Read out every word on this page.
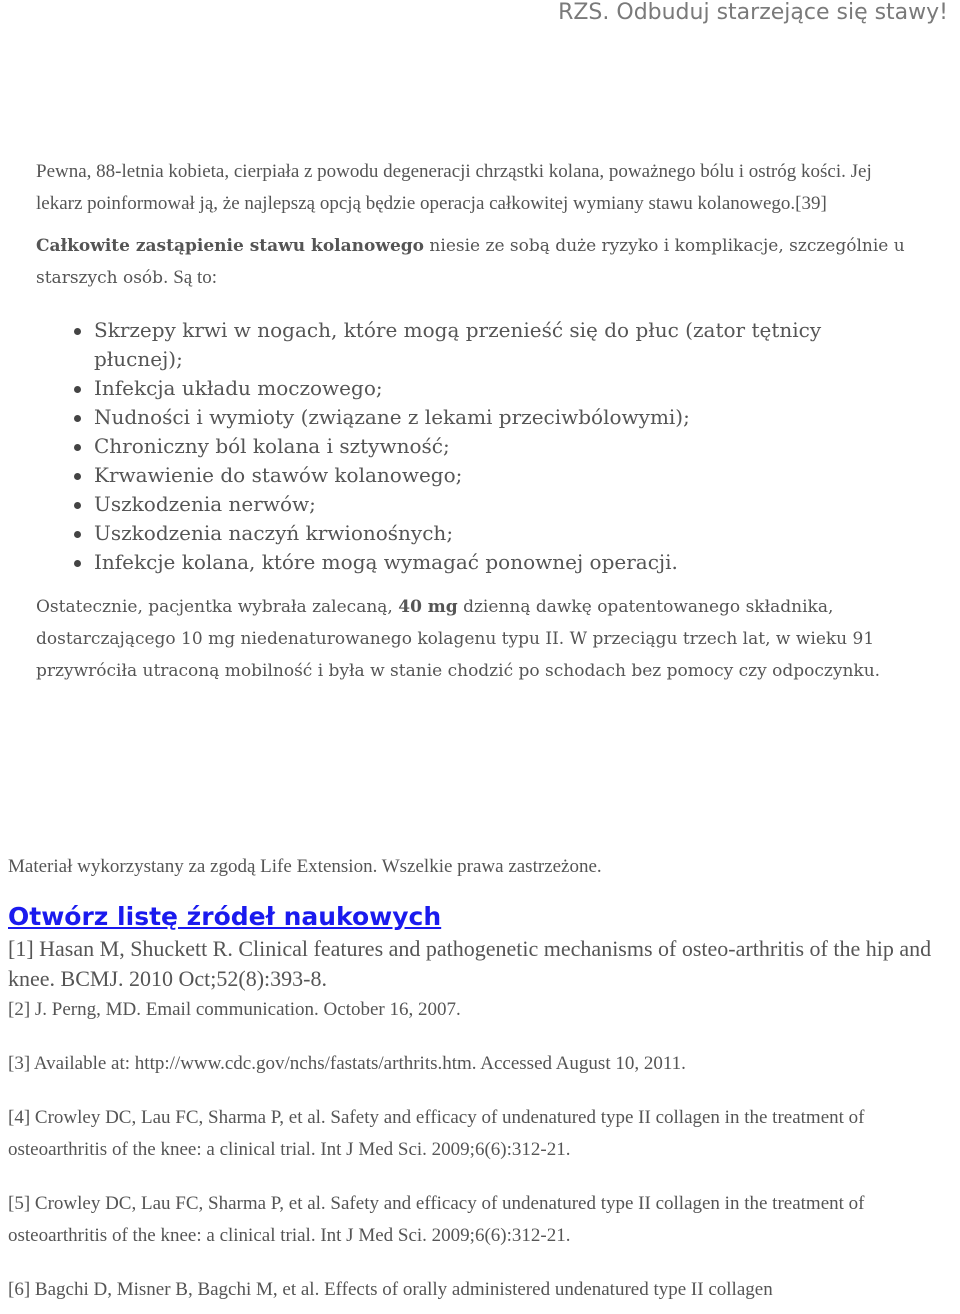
RZS. Odbuduj starzejące się stawy!

Pewna, 88-letnia kobieta, cierpiała z powodu degeneracji chrząstki kolana, poważnego bólu i ostróg kości. Jej lekarz poinformował ją, że najlepszą opcją będzie operacja całkowitej wymiany stawu kolanowego.[39]

Całkowite zastąpienie stawu kolanowego niesie ze sobą duże ryzyko i komplikacje, szczególnie u starszych osób. Są to:

Skrzepy krwi w nogach, które mogą przenieść się do płuc (zator tętnicy płucnej);
Infekcja układu moczowego;
Nudności i wymioty (związane z lekami przeciwbólowymi);
Chroniczny ból kolana i sztywność;
Krwawienie do stawów kolanowego;
Uszkodzenia nerwów;
Uszkodzenia naczyń krwionośnych;
Infekcje kolana, które mogą wymagać ponownej operacji.

Ostatecznie, pacjentka wybrała zalecaną, 40 mg dzienną dawkę opatentowanego składnika, dostarczającego 10 mg niedenaturowanego kolagenu typu II. W przeciągu trzech lat, w wieku 91 przywróciła utraconą mobilność i była w stanie chodzić po schodach bez pomocy czy odpoczynku.

Materiał wykorzystany za zgodą Life Extension. Wszelkie prawa zastrzeżone.

Otwórz listę źródeł naukowych

[1] Hasan M, Shuckett R. Clinical features and pathogenetic mechanisms of osteo-arthritis of the hip and knee. BCMJ. 2010 Oct;52(8):393-8.

[2] J. Perng, MD. Email communication. October 16, 2007.

[3] Available at: http://www.cdc.gov/nchs/fastats/arthrits.htm. Accessed August 10, 2011.

[4] Crowley DC, Lau FC, Sharma P, et al. Safety and efficacy of undenatured type II collagen in the treatment of osteoarthritis of the knee: a clinical trial. Int J Med Sci. 2009;6(6):312-21.

[5] Crowley DC, Lau FC, Sharma P, et al. Safety and efficacy of undenatured type II collagen in the treatment of osteoarthritis of the knee: a clinical trial. Int J Med Sci. 2009;6(6):312-21.

[6] Bagchi D, Misner B, Bagchi M, et al. Effects of orally administered undenatured type II collagen
